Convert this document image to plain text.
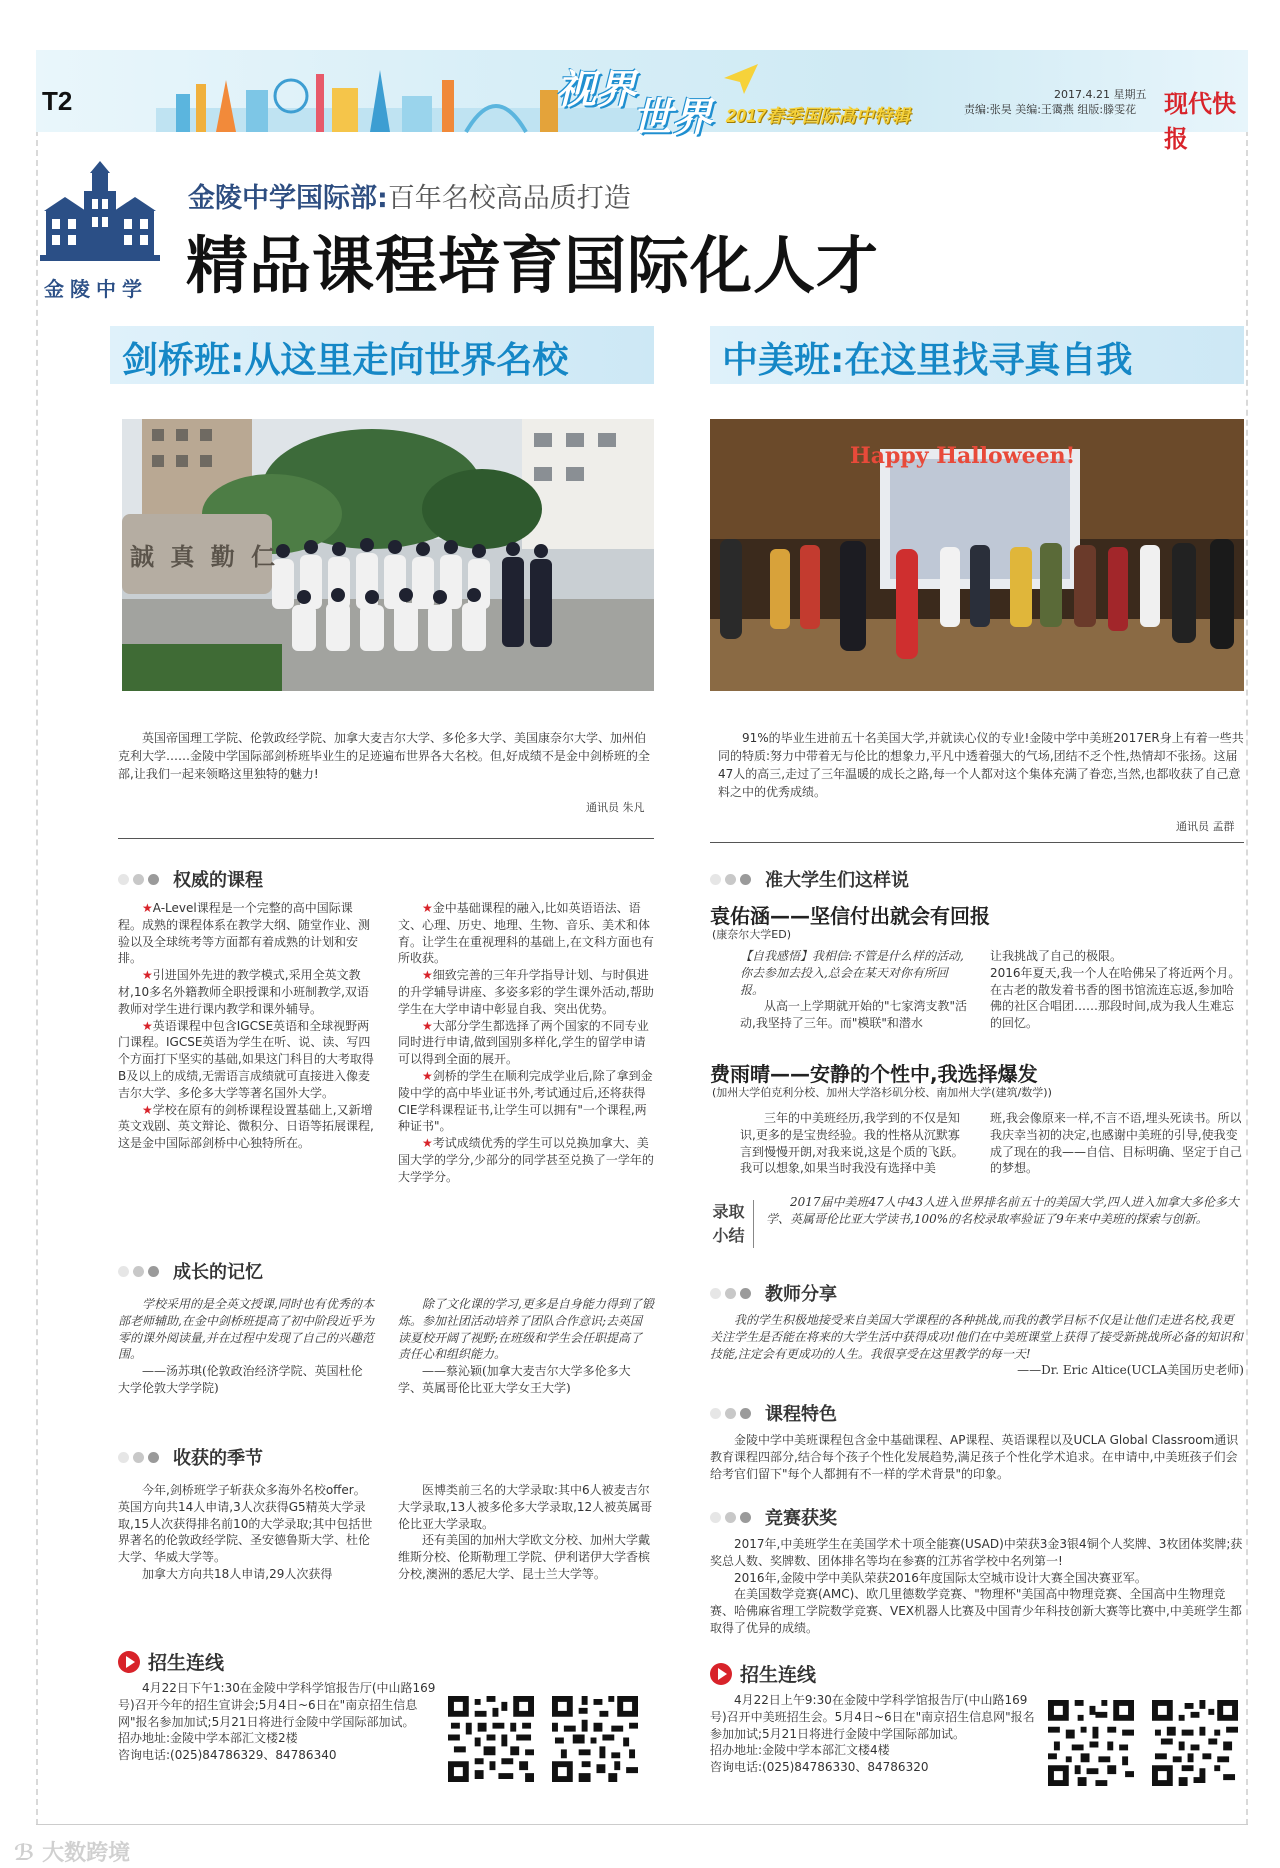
T2	视界
世界 2017春季国际高中特辑
2017.4.21 星期五
责编:张昊 美编:王霭燕 组版:滕雯花 现代快报
金陵中学
金陵中学国际部:百年名校高品质打造
精品课程培育国际化人才
剑桥班:从这里走向世界名校
誠 真 勤 仁
英国帝国理工学院、伦敦政经学院、加拿大麦吉尔大学、多伦多大学、美国康奈尔大学、加州伯克利大学……金陵中学国际部剑桥班毕业生的足迹遍布世界各大名校。但,好成绩不是金中剑桥班的全部,让我们一起来领略这里独特的魅力!
通讯员 朱凡
权威的课程

★A-Level课程是一个完整的高中国际课程。成熟的课程体系在教学大纲、随堂作业、测验以及全球统考等方面都有着成熟的计划和安排。

★引进国外先进的教学模式,采用全英文教材,10多名外籍教师全职授课和小班制教学,双语教师对学生进行课内教学和课外辅导。

★英语课程中包含IGCSE英语和全球视野两门课程。IGCSE英语为学生在听、说、读、写四个方面打下坚实的基础,如果这门科目的大考取得B及以上的成绩,无需语言成绩就可直接进入像麦吉尔大学、多伦多大学等著名国外大学。

★学校在原有的剑桥课程设置基础上,又新增英文戏剧、英文辩论、微积分、日语等拓展课程,这是金中国际部剑桥中心独特所在。

★金中基础课程的融入,比如英语语法、语文、心理、历史、地理、生物、音乐、美术和体育。让学生在重视理科的基础上,在文科方面也有所收获。

★细致完善的三年升学指导计划、与时俱进的升学辅导讲座、多姿多彩的学生课外活动,帮助学生在大学申请中彰显自我、突出优势。

★大部分学生都选择了两个国家的不同专业同时进行申请,做到国别多样化,学生的留学申请可以得到全面的展开。

★剑桥的学生在顺利完成学业后,除了拿到金陵中学的高中毕业证书外,考试通过后,还将获得CIE学科课程证书,让学生可以拥有"一个课程,两种证书"。

★考试成绩优秀的学生可以兑换加拿大、美国大学的学分,少部分的同学甚至兑换了一学年的大学学分。

成长的记忆

学校采用的是全英文授课,同时也有优秀的本部老师辅助,在金中剑桥班提高了初中阶段近乎为零的课外阅读量,并在过程中发现了自己的兴趣范围。

——汤苏琪(伦敦政治经济学院、英国杜伦大学伦敦大学学院)

除了文化课的学习,更多是自身能力得到了锻炼。参加社团活动培养了团队合作意识;去英国读夏校开阔了视野;在班级和学生会任职提高了责任心和组织能力。

——蔡沁颖(加拿大麦吉尔大学多伦多大学、英属哥伦比亚大学女王大学)

收获的季节

今年,剑桥班学子斩获众多海外名校offer。英国方向共14人申请,3人次获得G5精英大学录取,15人次获得排名前10的大学录取;其中包括世界著名的伦敦政经学院、圣安德鲁斯大学、杜伦大学、华威大学等。

加拿大方向共18人申请,29人次获得

医博类前三名的大学录取:其中6人被麦吉尔大学录取,13人被多伦多大学录取,12人被英属哥伦比亚大学录取。

还有美国的加州大学欧文分校、加州大学戴维斯分校、伦斯勒理工学院、伊利诺伊大学香槟分校,澳洲的悉尼大学、昆士兰大学等。

招生连线

4月22日下午1:30在金陵中学科学馆报告厅(中山路169号)召开今年的招生宣讲会;5月4日~6日在"南京招生信息网"报名参加加试;5月21日将进行金陵中学国际部加试。

招办地址:金陵中学本部汇文楼2楼

咨询电话:(025)84786329、84786340

中美班:在这里找寻真自我
Happy Halloween!
91%的毕业生进前五十名美国大学,并就读心仪的专业!金陵中学中美班2017ER身上有着一些共同的特质:努力中带着无与伦比的想象力,平凡中透着强大的气场,团结不乏个性,热情却不张扬。这届47人的高三,走过了三年温暖的成长之路,每一个人都对这个集体充满了眷恋,当然,也都收获了自己意料之中的优秀成绩。
通讯员 孟群
准大学生们这样说
袁佑涵——坚信付出就会有回报
(康奈尔大学ED)

【自我感悟】我相信:不管是什么样的活动,你去参加去投入,总会在某天对你有所回报。

从高一上学期就开始的"七家湾支教"活动,我坚持了三年。而"模联"和潜水

让我挑战了自己的极限。
2016年夏天,我一个人在哈佛呆了将近两个月。在古老的散发着书香的图书馆流连忘返,参加哈佛的社区合唱团……那段时间,成为我人生难忘的回忆。
费雨晴——安静的个性中,我选择爆发
(加州大学伯克利分校、加州大学洛杉矶分校、南加州大学(建筑/数学))

三年的中美班经历,我学到的不仅是知识,更多的是宝贵经验。我的性格从沉默寡言到慢慢开朗,对我来说,这是个质的飞跃。我可以想象,如果当时我没有选择中美

班,我会像原来一样,不言不语,埋头死读书。所以我庆幸当初的决定,也感谢中美班的引导,使我变成了现在的我——自信、目标明确、坚定于自己的梦想。

录取
小结

2017届中美班47人中43人进入世界排名前五十的美国大学,四人进入加拿大多伦多大学、英属哥伦比亚大学读书,100%的名校录取率验证了9年来中美班的探索与创新。

教师分享

我的学生积极地接受来自美国大学课程的各种挑战,而我的教学目标不仅是让他们走进名校,我更关注学生是否能在将来的大学生活中获得成功!他们在中美班课堂上获得了接受新挑战所必备的知识和技能,注定会有更成功的人生。我很享受在这里教学的每一天!

——Dr. Eric Altice(UCLA美国历史老师)

课程特色

金陵中学中美班课程包含金中基础课程、AP课程、英语课程以及UCLA Global Classroom通识教育课程四部分,结合每个孩子个性化发展趋势,满足孩子个性化学术追求。在申请中,中美班孩子们会给考官们留下"每个人都拥有不一样的学术背景"的印象。

竞赛获奖

2017年,中美班学生在美国学术十项全能赛(USAD)中荣获3金3银4铜个人奖牌、3枚团体奖牌;获奖总人数、奖牌数、团体排名等均在参赛的江苏省学校中名列第一!

2016年,金陵中学中美队荣获2016年度国际太空城市设计大赛全国决赛亚军。

在美国数学竞赛(AMC)、欧几里德数学竞赛、"物理杯"美国高中物理竞赛、全国高中生物理竞赛、哈佛麻省理工学院数学竞赛、VEX机器人比赛及中国青少年科技创新大赛等比赛中,中美班学生都取得了优异的成绩。

招生连线

4月22日上午9:30在金陵中学科学馆报告厅(中山路169号)召开中美班招生会。5月4日~6日在"南京招生信息网"报名参加加试;5月21日将进行金陵中学国际部加试。

招办地址:金陵中学本部汇文楼4楼

咨询电话:(025)84786330、84786320

ℬ 大数跨境
